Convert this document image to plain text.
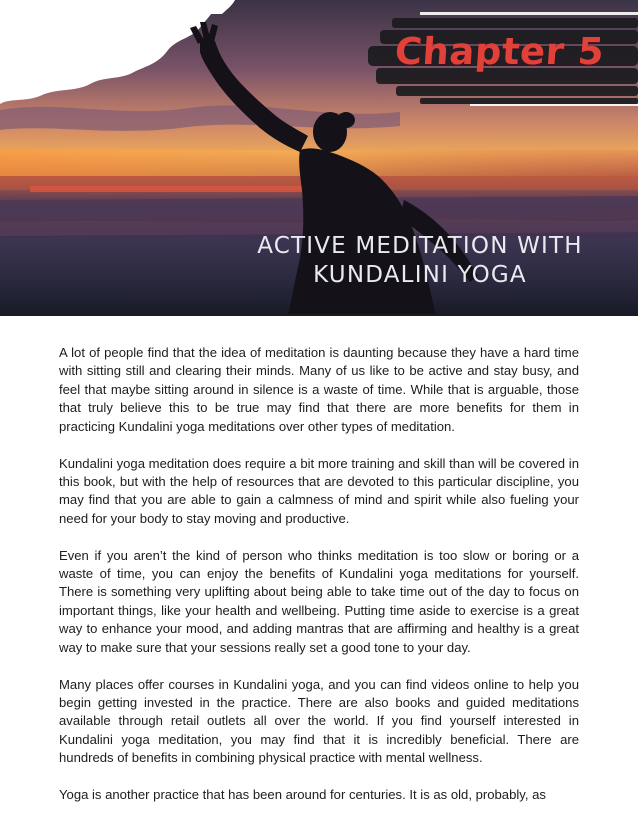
Chapter 5
ACTIVE MEDITATION WITH
KUNDALINI YOGA

A lot of people find that the idea of meditation is daunting because they have a hard time with sitting still and clearing their minds. Many of us like to be active and stay busy, and feel that maybe sitting around in silence is a waste of time. While that is arguable, those that truly believe this to be true may find that there are more benefits for them in practicing Kundalini yoga meditations over other types of meditation.

Kundalini yoga meditation does require a bit more training and skill than will be covered in this book, but with the help of resources that are devoted to this particular discipline, you may find that you are able to gain a calmness of mind and spirit while also fueling your need for your body to stay moving and productive.

Even if you aren’t the kind of person who thinks meditation is too slow or boring or a waste of time, you can enjoy the benefits of Kundalini yoga meditations for yourself. There is something very uplifting about being able to take time out of the day to focus on important things, like your health and wellbeing. Putting time aside to exercise is a great way to enhance your mood, and adding mantras that are affirming and healthy is a great way to make sure that your sessions really set a good tone to your day.

Many places offer courses in Kundalini yoga, and you can find videos online to help you begin getting invested in the practice. There are also books and guided meditations available through retail outlets all over the world. If you find yourself interested in Kundalini yoga meditation, you may find that it is incredibly beneficial. There are hundreds of benefits in combining physical practice with mental wellness.

Yoga is another practice that has been around for centuries. It is as old, probably, as
